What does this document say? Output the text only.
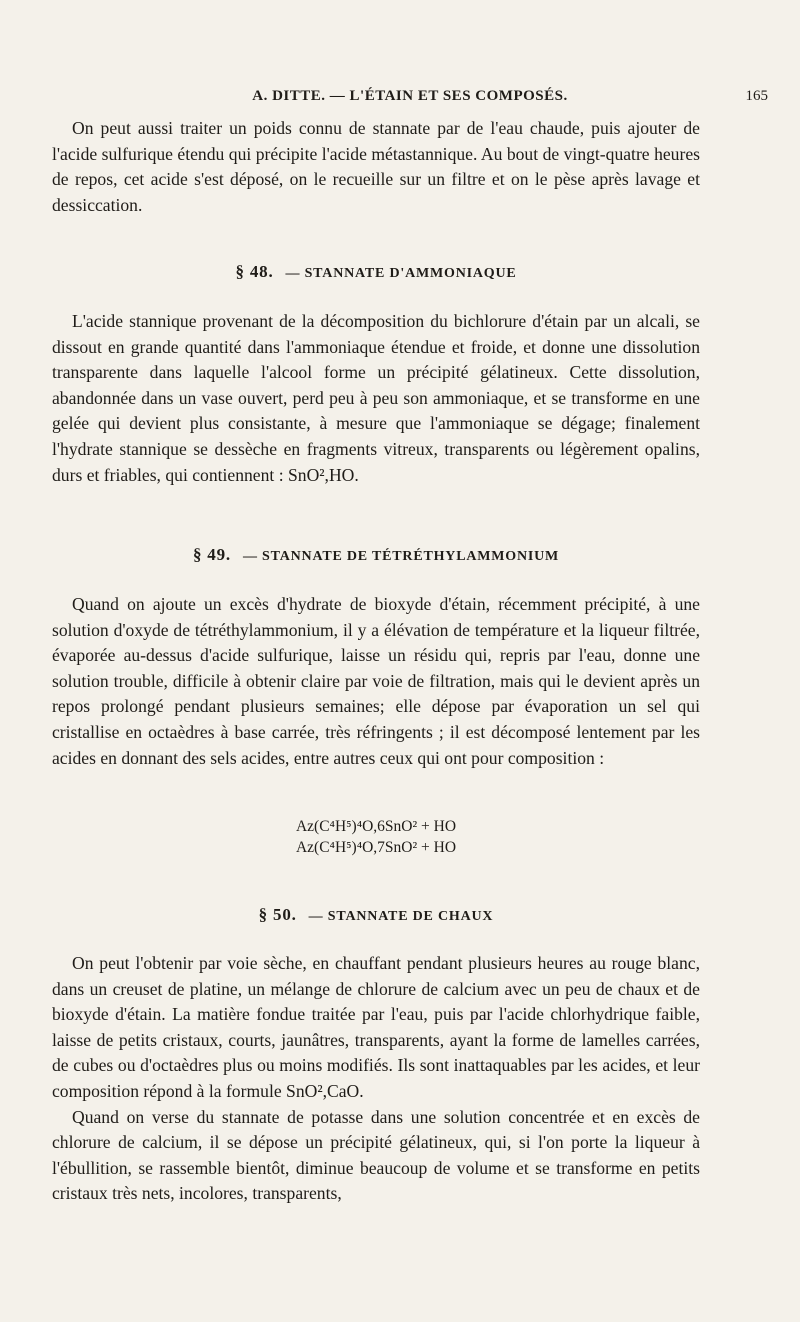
A. DITTE. — L'ÉTAIN ET SES COMPOSÉS.	165

On peut aussi traiter un poids connu de stannate par de l'eau chaude, puis ajouter de l'acide sulfurique étendu qui précipite l'acide métastannique. Au bout de vingt-quatre heures de repos, cet acide s'est déposé, on le recueille sur un filtre et on le pèse après lavage et dessiccation.

§ 48. — STANNATE D'AMMONIAQUE

L'acide stannique provenant de la décomposition du bichlorure d'étain par un alcali, se dissout en grande quantité dans l'ammoniaque étendue et froide, et donne une dissolution transparente dans laquelle l'alcool forme un précipité gélatineux. Cette dissolution, abandonnée dans un vase ouvert, perd peu à peu son ammoniaque, et se transforme en une gelée qui devient plus consistante, à mesure que l'ammoniaque se dégage; finalement l'hydrate stannique se dessèche en fragments vitreux, transparents ou légèrement opalins, durs et friables, qui contiennent : SnO²,HO.

§ 49. — STANNATE DE TÉTRÉTHYLAMMONIUM

Quand on ajoute un excès d'hydrate de bioxyde d'étain, récemment précipité, à une solution d'oxyde de tétréthylammonium, il y a élévation de température et la liqueur filtrée, évaporée au-dessus d'acide sulfurique, laisse un résidu qui, repris par l'eau, donne une solution trouble, difficile à obtenir claire par voie de filtration, mais qui le devient après un repos prolongé pendant plusieurs semaines; elle dépose par évaporation un sel qui cristallise en octaèdres à base carrée, très réfringents ; il est décomposé lentement par les acides en donnant des sels acides, entre autres ceux qui ont pour composition :

Az(C⁴H⁵)⁴O,6SnO² + HO
Az(C⁴H⁵)⁴O,7SnO² + HO
§ 50. — STANNATE DE CHAUX

On peut l'obtenir par voie sèche, en chauffant pendant plusieurs heures au rouge blanc, dans un creuset de platine, un mélange de chlorure de calcium avec un peu de chaux et de bioxyde d'étain. La matière fondue traitée par l'eau, puis par l'acide chlorhydrique faible, laisse de petits cristaux, courts, jaunâtres, transparents, ayant la forme de lamelles carrées, de cubes ou d'octaèdres plus ou moins modifiés. Ils sont inattaquables par les acides, et leur composition répond à la formule SnO²,CaO.

Quand on verse du stannate de potasse dans une solution concentrée et en excès de chlorure de calcium, il se dépose un précipité gélatineux, qui, si l'on porte la liqueur à l'ébullition, se rassemble bientôt, diminue beaucoup de volume et se transforme en petits cristaux très nets, incolores, transparents,
